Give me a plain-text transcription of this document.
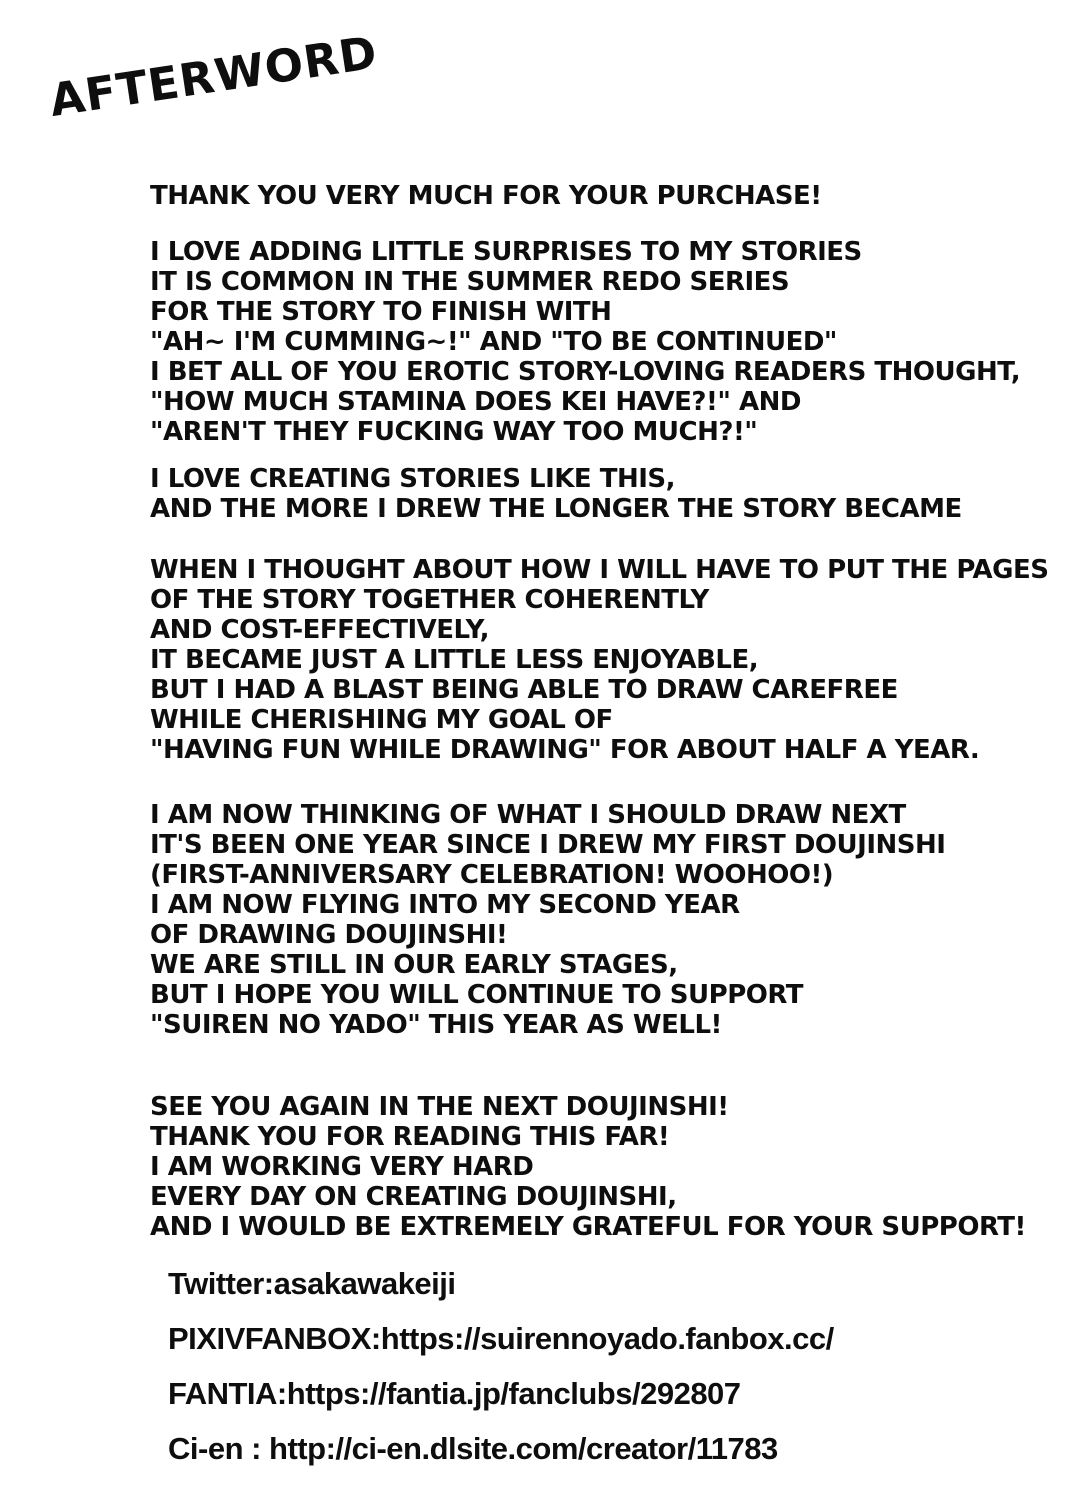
AFTERWORD
THANK YOU VERY MUCH FOR YOUR PURCHASE!
I LOVE ADDING LITTLE SURPRISES TO MY STORIES
IT IS COMMON IN THE SUMMER REDO SERIES
FOR THE STORY TO FINISH WITH
"AH~ I'M CUMMING~!" AND "TO BE CONTINUED"
I BET ALL OF YOU EROTIC STORY-LOVING READERS THOUGHT,
"HOW MUCH STAMINA DOES KEI HAVE?!" AND
"AREN'T THEY FUCKING WAY TOO MUCH?!"
I LOVE CREATING STORIES LIKE THIS,
AND THE MORE I DREW THE LONGER THE STORY BECAME
WHEN I THOUGHT ABOUT HOW I WILL HAVE TO PUT THE PAGES
OF THE STORY TOGETHER COHERENTLY
AND COST-EFFECTIVELY,
IT BECAME JUST A LITTLE LESS ENJOYABLE,
BUT I HAD A BLAST BEING ABLE TO DRAW CAREFREE
WHILE CHERISHING MY GOAL OF
"HAVING FUN WHILE DRAWING" FOR ABOUT HALF A YEAR.
I AM NOW THINKING OF WHAT I SHOULD DRAW NEXT
IT'S BEEN ONE YEAR SINCE I DREW MY FIRST DOUJINSHI
(FIRST-ANNIVERSARY CELEBRATION! WOOHOO!)
I AM NOW FLYING INTO MY SECOND YEAR
OF DRAWING DOUJINSHI!
WE ARE STILL IN OUR EARLY STAGES,
BUT I HOPE YOU WILL CONTINUE TO SUPPORT
"SUIREN NO YADO" THIS YEAR AS WELL!
SEE YOU AGAIN IN THE NEXT DOUJINSHI!
THANK YOU FOR READING THIS FAR!
I AM WORKING VERY HARD
EVERY DAY ON CREATING DOUJINSHI,
AND I WOULD BE EXTREMELY GRATEFUL FOR YOUR SUPPORT!
Twitter:asakawakeiji
PIXIVFANBOX:https://suirennoyado.fanbox.cc/
FANTIA:https://fantia.jp/fanclubs/292807
Ci-en : http://ci-en.dlsite.com/creator/11783
